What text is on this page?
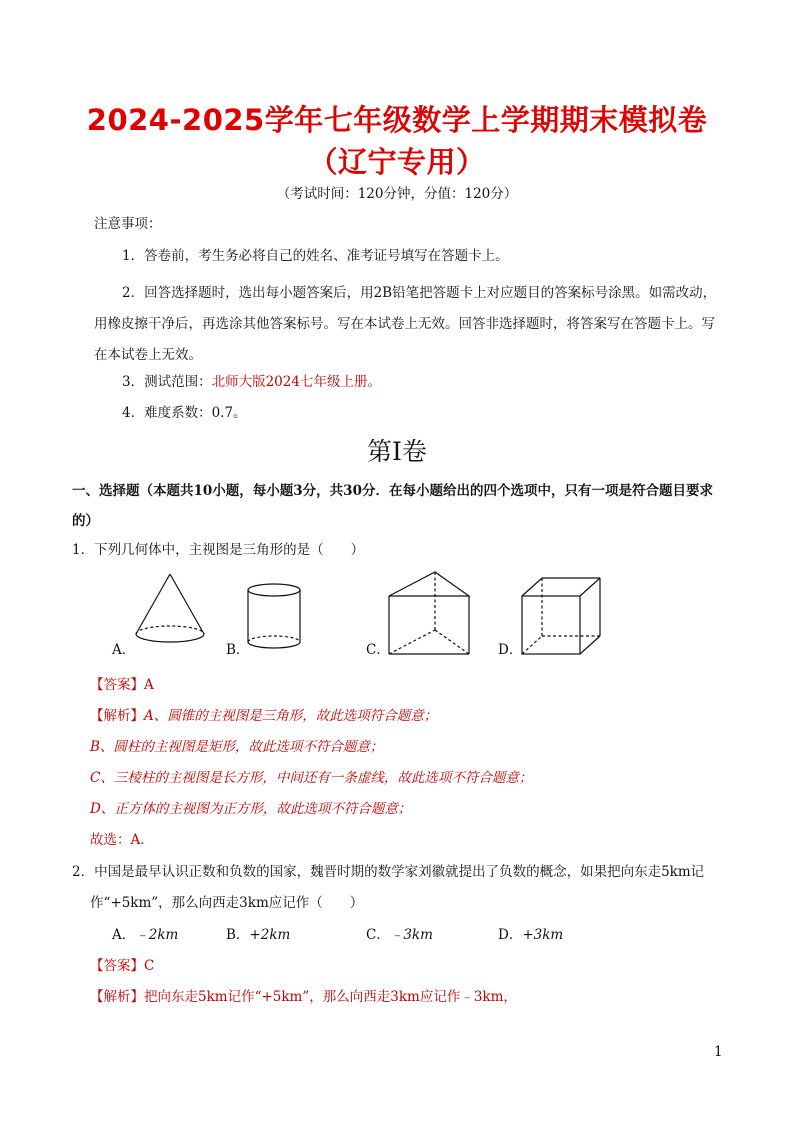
2024-2025学年七年级数学上学期期末模拟卷
（辽宁专用）
（考试时间：120分钟，分值：120分）
注意事项：
1．答卷前，考生务必将自己的姓名、准考证号填写在答题卡上。
2．回答选择题时，选出每小题答案后，用2B铅笔把答题卡上对应题目的答案标号涂黑。如需改动，用橡皮擦干净后，再选涂其他答案标号。写在本试卷上无效。回答非选择题时，将答案写在答题卡上。写在本试卷上无效。
3．测试范围：北师大版2024七年级上册。
4．难度系数：0.7。
第Ⅰ卷
一、选择题（本题共10小题，每小题3分，共30分．在每小题给出的四个选项中，只有一项是符合题目要求的）
1．下列几何体中，主视图是三角形的是（　　）
A．	B．	C．	D．
【答案】A
【解析】A、圆锥的主视图是三角形，故此选项符合题意；
B、圆柱的主视图是矩形，故此选项不符合题意；
C、三棱柱的主视图是长方形，中间还有一条虚线，故此选项不符合题意；
D、正方体的主视图为正方形，故此选项不符合题意；
故选：A．
2．中国是最早认识正数和负数的国家，魏晋时期的数学家刘徽就提出了负数的概念，如果把向东走5km记
作“+5km”，那么向西走3km应记作（　　）
A．﹣2km	B．+2km	C．﹣3km	D．+3km
【答案】C
【解析】把向东走5km记作“+5km”，那么向西走3km应记作﹣3km，
1
